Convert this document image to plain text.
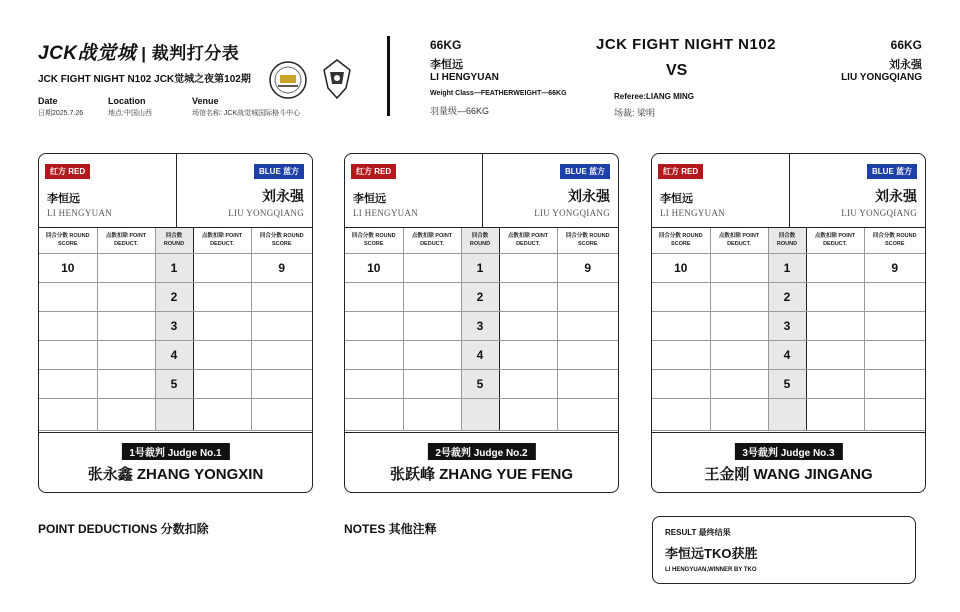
JCK战觉城 | 裁判打分表
JCK FIGHT NIGHT N102 JCK觉城之夜第102期
Date
日期2025.7.26
Location
地点:中国山西
Venue
场馆名称: JCK战觉城国际格斗中心
66KG
李恒远
LI HENGYUAN
Weight Class—FEATHERWEIGHT—66KG
羽量级—66KG
JCK FIGHT NIGHT N102
VS
Referee:LIANG MING
场裁: 梁明
66KG
刘永强
LIU YONGQIANG
红方 RED	BLUE 蓝方
李恒远
LI HENGYUAN
刘永强
LIU YONGQIANG
回合分数 ROUND SCORE	点数扣除 POINT DEDUCT.	回合数 ROUND	点数扣除 POINT DEDUCT.	回合分数 ROUND SCORE
10		1		9
		2		
		3		
		4		
		5		

1号裁判 Judge No.1
张永鑫 ZHANG YONGXIN
红方 RED	BLUE 蓝方
李恒远
LI HENGYUAN
刘永强
LIU YONGQIANG
回合分数 ROUND SCORE	点数扣除 POINT DEDUCT.	回合数 ROUND	点数扣除 POINT DEDUCT.	回合分数 ROUND SCORE
10		1		9
		2		
		3		
		4		
		5		

2号裁判 Judge No.2
张跃峰 ZHANG YUE FENG
红方 RED	BLUE 蓝方
李恒远
LI HENGYUAN
刘永强
LIU YONGQIANG
回合分数 ROUND SCORE	点数扣除 POINT DEDUCT.	回合数 ROUND	点数扣除 POINT DEDUCT.	回合分数 ROUND SCORE
10		1		9
		2		
		3		
		4		
		5		

3号裁判 Judge No.3
王金刚 WANG JINGANG
POINT DEDUCTIONS 分数扣除	NOTES 其他注释	RESULT 最终结果
李恒远TKO获胜
LI HENGYUAN,WINNER BY TKO
